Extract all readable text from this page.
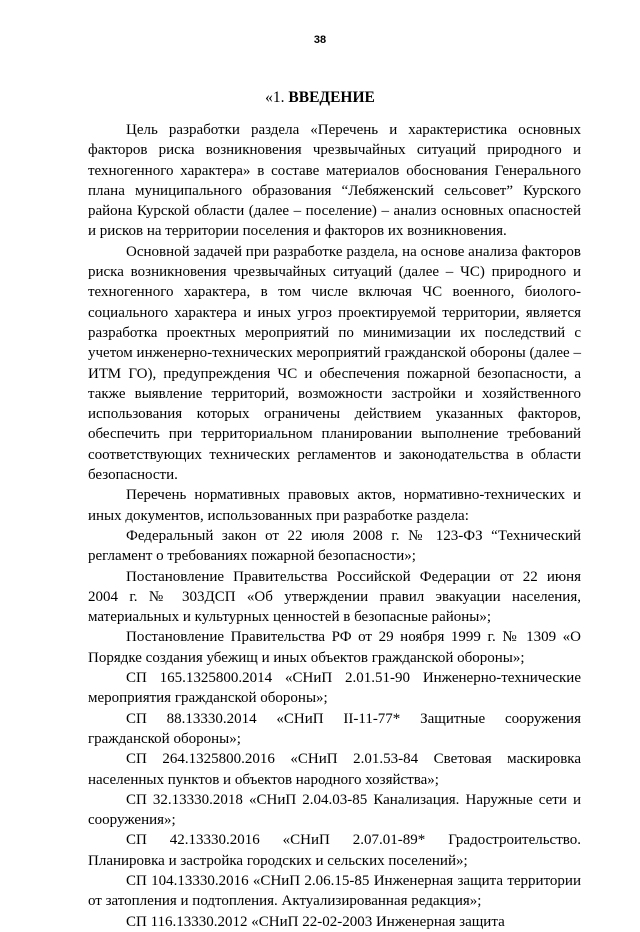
38
«1. ВВЕДЕНИЕ

Цель разработки раздела «Перечень и характеристика основных факторов риска возникновения чрезвычайных ситуаций природного и техногенного характера» в составе материалов обоснования Генерального плана муниципального образования “Лебяженский сельсовет” Курского района Курской области (далее – поселение) – анализ основных опасностей и рисков на территории поселения и факторов их возникновения.

Основной задачей при разработке раздела, на основе анализа факторов риска возникновения чрезвычайных ситуаций (далее – ЧС) природного и техногенного характера, в том числе включая ЧС военного, биолого-социального характера и иных угроз проектируемой территории, является разработка проектных мероприятий по минимизации их последствий с учетом инженерно-технических мероприятий гражданской обороны (далее – ИТМ ГО), предупреждения ЧС и обеспечения пожарной безопасности, а также выявление территорий, возможности застройки и хозяйственного использования которых ограничены действием указанных факторов, обеспечить при территориальном планировании выполнение требований соответствующих технических регламентов и законодательства в области безопасности.

Перечень нормативных правовых актов, нормативно-технических и иных документов, использованных при разработке раздела:

Федеральный закон от 22 июля 2008 г. № 123-ФЗ “Технический регламент о требованиях пожарной безопасности»;

Постановление Правительства Российской Федерации от 22 июня 2004 г. № 303ДСП «Об утверждении правил эвакуации населения, материальных и культурных ценностей в безопасные районы»;

Постановление Правительства РФ от 29 ноября 1999 г. № 1309 «О Порядке создания убежищ и иных объектов гражданской обороны»;

СП 165.1325800.2014 «СНиП 2.01.51-90 Инженерно-технические мероприятия гражданской обороны»;

СП 88.13330.2014 «СНиП II-11-77* Защитные сооружения гражданской обороны»;

СП 264.1325800.2016 «СНиП 2.01.53-84 Световая маскировка населенных пунктов и объектов народного хозяйства»;

СП 32.13330.2018 «СНиП 2.04.03-85 Канализация. Наружные сети и сооружения»;

СП 42.13330.2016 «СНиП 2.07.01-89* Градостроительство. Планировка и застройка городских и сельских поселений»;

СП 104.13330.2016 «СНиП 2.06.15-85 Инженерная защита территории от затопления и подтопления. Актуализированная редакция»;

СП 116.13330.2012 «СНиП 22-02-2003 Инженерная защита
